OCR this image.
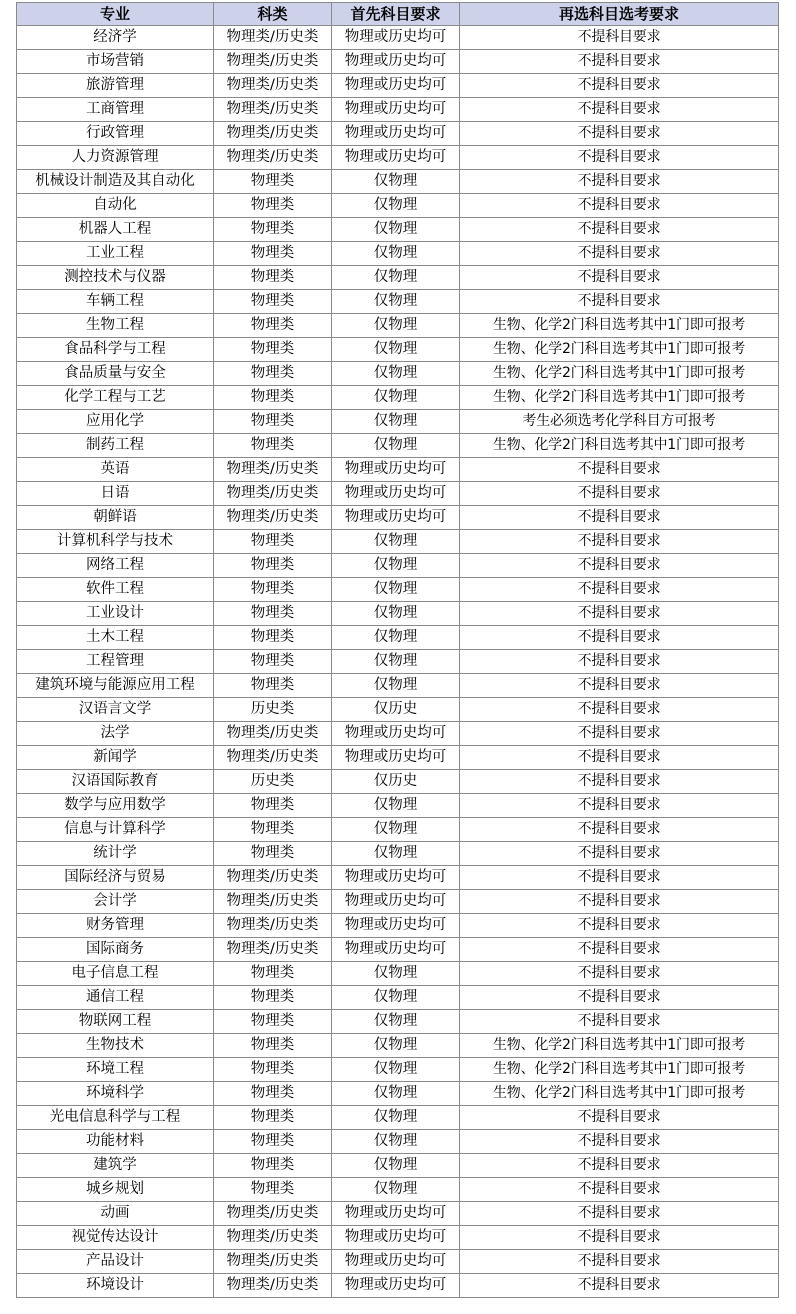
专业	科类	首先科目要求	再选科目选考要求
经济学	物理类/历史类	物理或历史均可	不提科目要求
市场营销	物理类/历史类	物理或历史均可	不提科目要求
旅游管理	物理类/历史类	物理或历史均可	不提科目要求
工商管理	物理类/历史类	物理或历史均可	不提科目要求
行政管理	物理类/历史类	物理或历史均可	不提科目要求
人力资源管理	物理类/历史类	物理或历史均可	不提科目要求
机械设计制造及其自动化	物理类	仅物理	不提科目要求
自动化	物理类	仅物理	不提科目要求
机器人工程	物理类	仅物理	不提科目要求
工业工程	物理类	仅物理	不提科目要求
测控技术与仪器	物理类	仅物理	不提科目要求
车辆工程	物理类	仅物理	不提科目要求
生物工程	物理类	仅物理	生物、化学2门科目选考其中1门即可报考
食品科学与工程	物理类	仅物理	生物、化学2门科目选考其中1门即可报考
食品质量与安全	物理类	仅物理	生物、化学2门科目选考其中1门即可报考
化学工程与工艺	物理类	仅物理	生物、化学2门科目选考其中1门即可报考
应用化学	物理类	仅物理	考生必须选考化学科目方可报考
制药工程	物理类	仅物理	生物、化学2门科目选考其中1门即可报考
英语	物理类/历史类	物理或历史均可	不提科目要求
日语	物理类/历史类	物理或历史均可	不提科目要求
朝鲜语	物理类/历史类	物理或历史均可	不提科目要求
计算机科学与技术	物理类	仅物理	不提科目要求
网络工程	物理类	仅物理	不提科目要求
软件工程	物理类	仅物理	不提科目要求
工业设计	物理类	仅物理	不提科目要求
土木工程	物理类	仅物理	不提科目要求
工程管理	物理类	仅物理	不提科目要求
建筑环境与能源应用工程	物理类	仅物理	不提科目要求
汉语言文学	历史类	仅历史	不提科目要求
法学	物理类/历史类	物理或历史均可	不提科目要求
新闻学	物理类/历史类	物理或历史均可	不提科目要求
汉语国际教育	历史类	仅历史	不提科目要求
数学与应用数学	物理类	仅物理	不提科目要求
信息与计算科学	物理类	仅物理	不提科目要求
统计学	物理类	仅物理	不提科目要求
国际经济与贸易	物理类/历史类	物理或历史均可	不提科目要求
会计学	物理类/历史类	物理或历史均可	不提科目要求
财务管理	物理类/历史类	物理或历史均可	不提科目要求
国际商务	物理类/历史类	物理或历史均可	不提科目要求
电子信息工程	物理类	仅物理	不提科目要求
通信工程	物理类	仅物理	不提科目要求
物联网工程	物理类	仅物理	不提科目要求
生物技术	物理类	仅物理	生物、化学2门科目选考其中1门即可报考
环境工程	物理类	仅物理	生物、化学2门科目选考其中1门即可报考
环境科学	物理类	仅物理	生物、化学2门科目选考其中1门即可报考
光电信息科学与工程	物理类	仅物理	不提科目要求
功能材料	物理类	仅物理	不提科目要求
建筑学	物理类	仅物理	不提科目要求
城乡规划	物理类	仅物理	不提科目要求
动画	物理类/历史类	物理或历史均可	不提科目要求
视觉传达设计	物理类/历史类	物理或历史均可	不提科目要求
产品设计	物理类/历史类	物理或历史均可	不提科目要求
环境设计	物理类/历史类	物理或历史均可	不提科目要求
